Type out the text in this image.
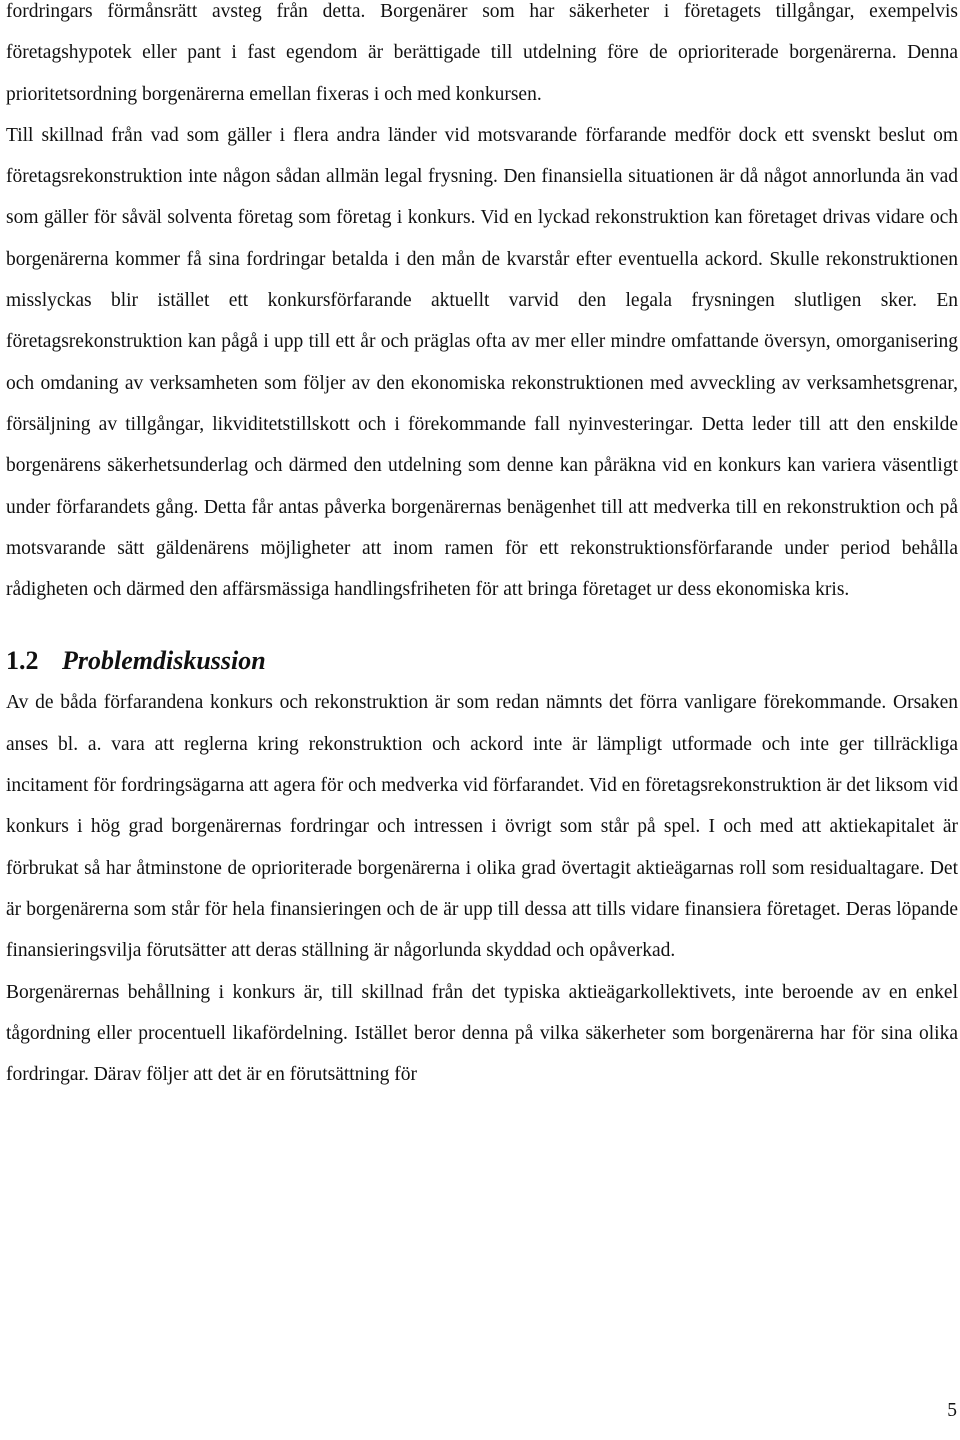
fordringars förmånsrätt avsteg från detta. Borgenärer som har säkerheter i företagets tillgångar, exempelvis företagshypotek eller pant i fast egendom är berättigade till utdelning före de oprioriterade borgenärerna. Denna prioritetsordning borgenärerna emellan fixeras i och med konkursen.

Till skillnad från vad som gäller i flera andra länder vid motsvarande förfarande medför dock ett svenskt beslut om företagsrekonstruktion inte någon sådan allmän legal frysning. Den finansiella situationen är då något annorlunda än vad som gäller för såväl solventa företag som företag i konkurs. Vid en lyckad rekonstruktion kan företaget drivas vidare och borgenärerna kommer få sina fordringar betalda i den mån de kvarstår efter eventuella ackord. Skulle rekonstruktionen misslyckas blir istället ett konkursförfarande aktuellt varvid den legala frysningen slutligen sker. En företagsrekonstruktion kan pågå i upp till ett år och präglas ofta av mer eller mindre omfattande översyn, omorganisering och omdaning av verksamheten som följer av den ekonomiska rekonstruktionen med avveckling av verksamhetsgrenar, försäljning av tillgångar, likviditetstillskott och i förekommande fall nyinvesteringar. Detta leder till att den enskilde borgenärens säkerhetsunderlag och därmed den utdelning som denne kan påräkna vid en konkurs kan variera väsentligt under förfarandets gång. Detta får antas påverka borgenärernas benägenhet till att medverka till en rekonstruktion och på motsvarande sätt gäldenärens möjligheter att inom ramen för ett rekonstruktionsförfarande under period behålla rådigheten och därmed den affärsmässiga handlingsfriheten för att bringa företaget ur dess ekonomiska kris.

1.2 Problemdiskussion

Av de båda förfarandena konkurs och rekonstruktion är som redan nämnts det förra vanligare förekommande. Orsaken anses bl. a. vara att reglerna kring rekonstruktion och ackord inte är lämpligt utformade och inte ger tillräckliga incitament för fordringsägarna att agera för och medverka vid förfarandet. Vid en företagsrekonstruktion är det liksom vid konkurs i hög grad borgenärernas fordringar och intressen i övrigt som står på spel. I och med att aktiekapitalet är förbrukat så har åtminstone de oprioriterade borgenärerna i olika grad övertagit aktieägarnas roll som residualtagare. Det är borgenärerna som står för hela finansieringen och de är upp till dessa att tills vidare finansiera företaget. Deras löpande finansieringsvilja förutsätter att deras ställning är någorlunda skyddad och opåverkad.

Borgenärernas behållning i konkurs är, till skillnad från det typiska aktieägarkollektivets, inte beroende av en enkel tågordning eller procentuell likafördelning. Istället beror denna på vilka säkerheter som borgenärerna har för sina olika fordringar. Därav följer att det är en förutsättning för

5
